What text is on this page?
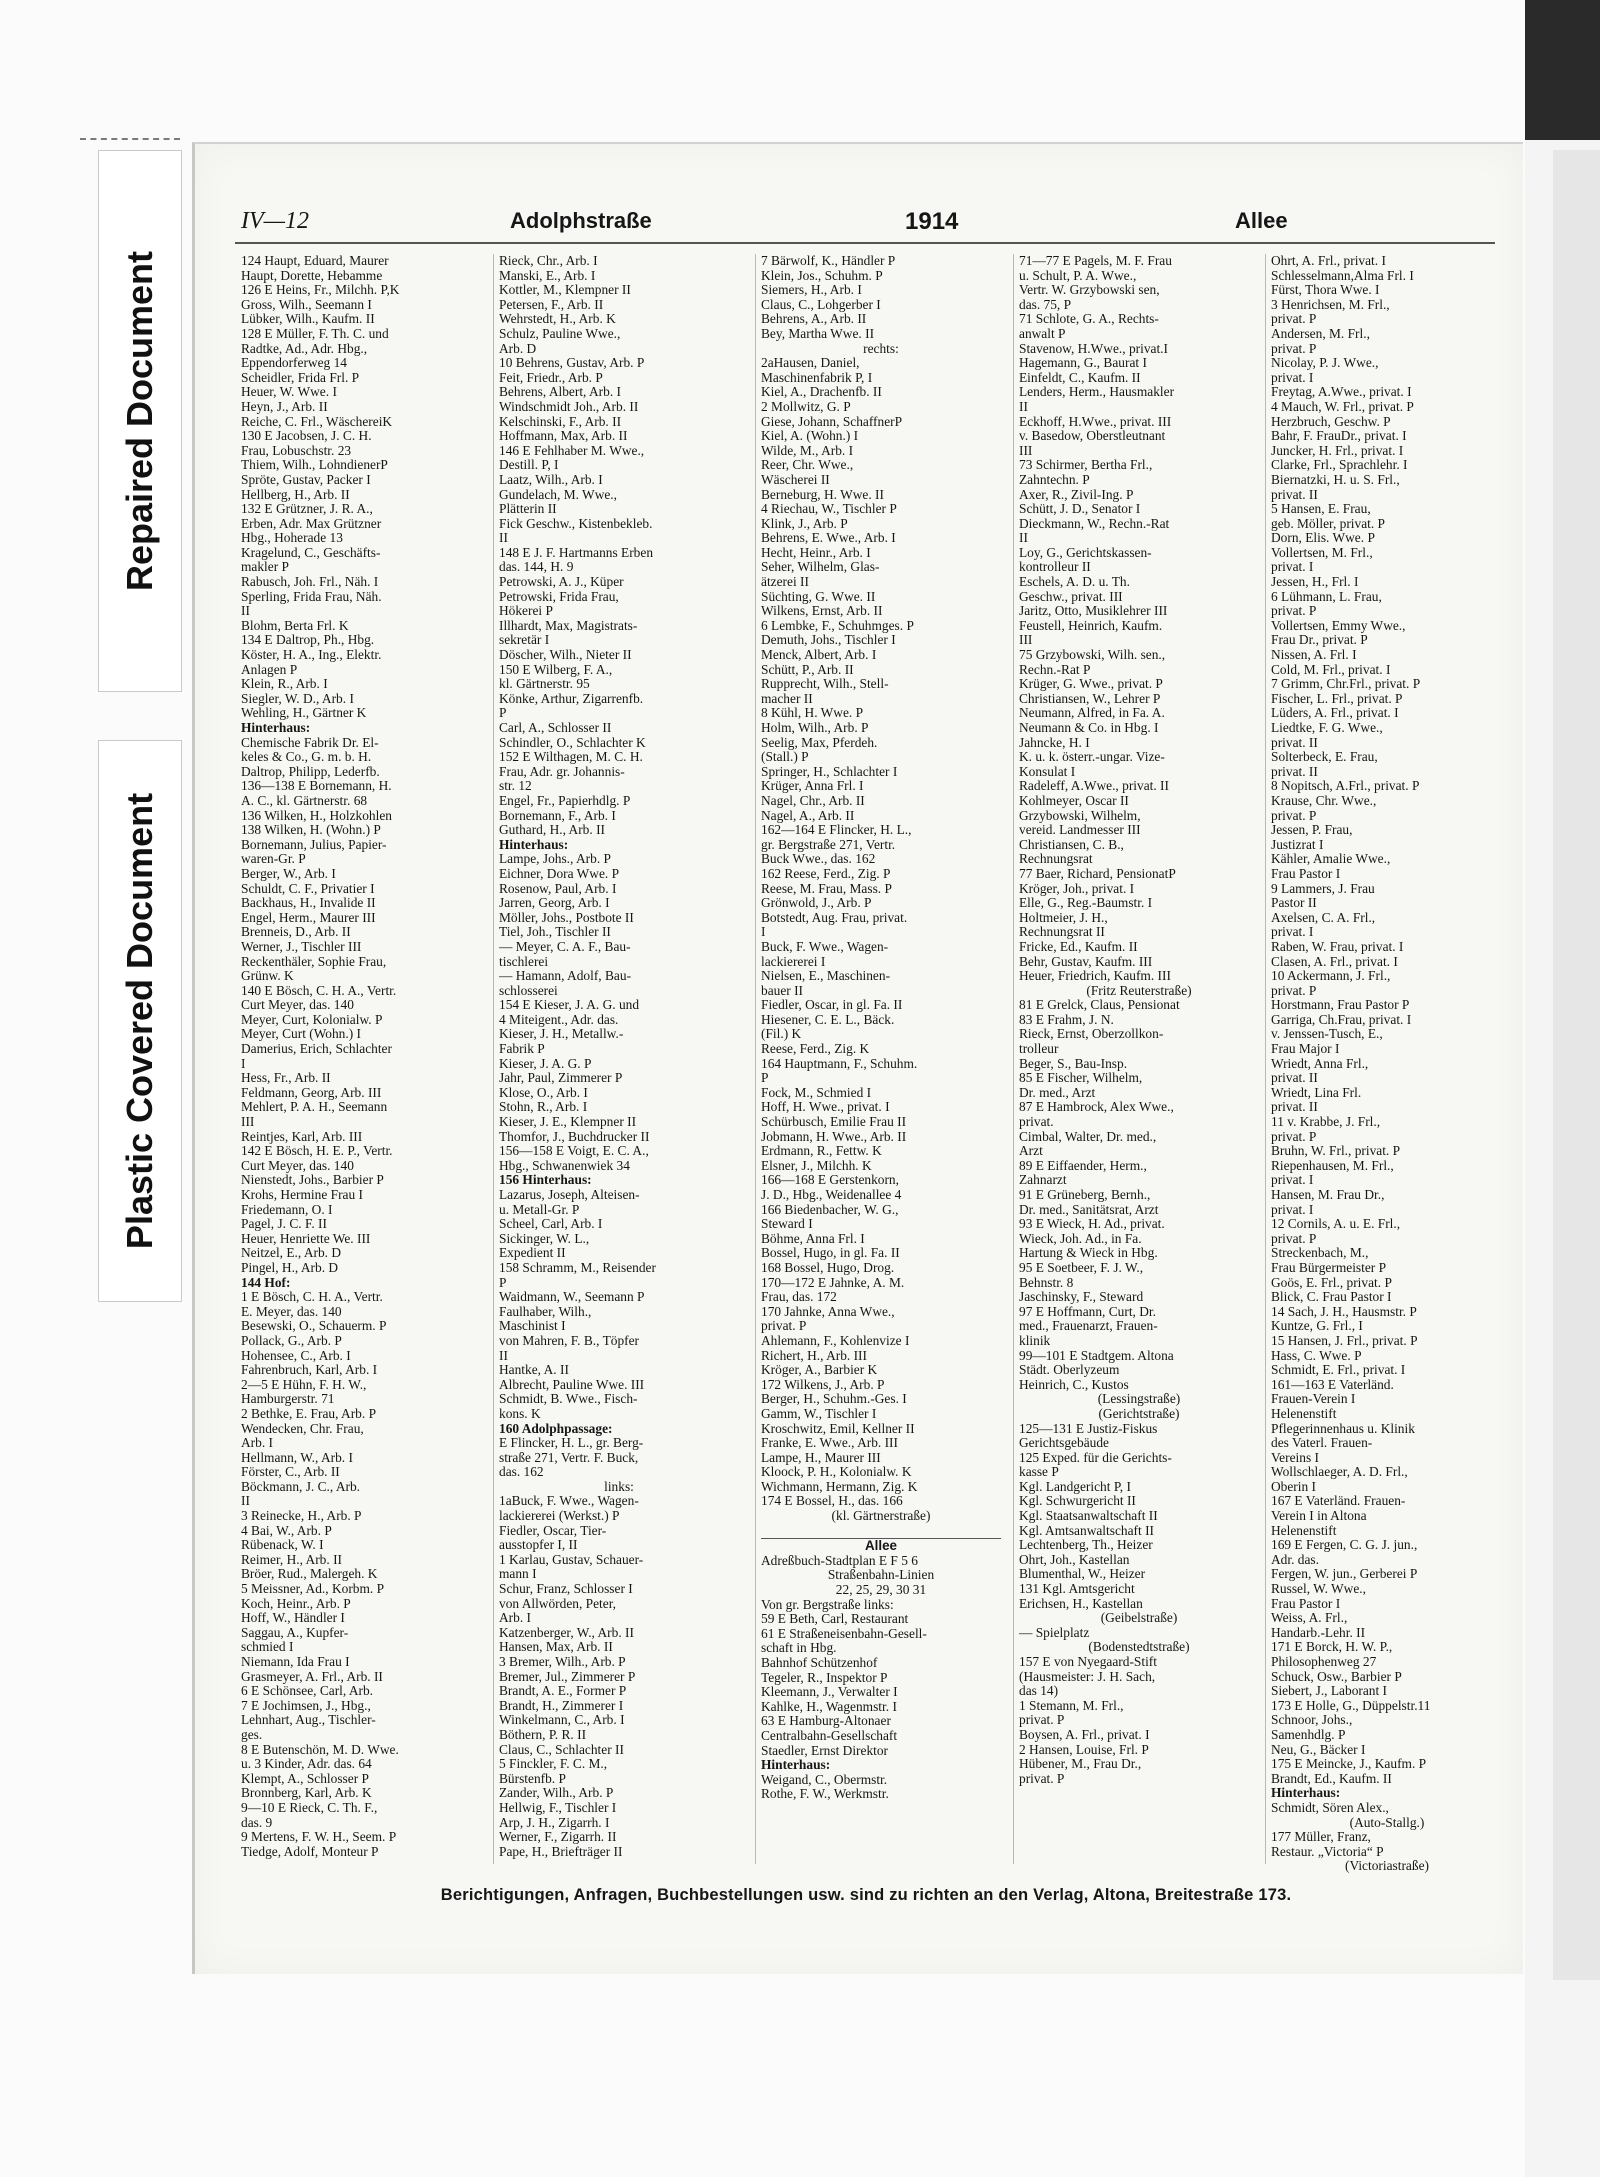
Repaired Document
Plastic Covered Document
IV—12	Adolphstraße	1914	Allee
124 Haupt, Eduard, Maurer
Haupt, Dorette, Hebamme
126 E Heins, Fr., Milchh. P,K
Gross, Wilh., Seemann I
Lübker, Wilh., Kaufm. II
128 E Müller, F. Th. C. und
Radtke, Ad., Adr. Hbg.,
Eppendorferweg 14
Scheidler, Frida Frl. P
Heuer, W. Wwe. I
Heyn, J., Arb. II
Reiche, C. Frl., WäschereiK
130 E Jacobsen, J. C. H.
Frau, Lobuschstr. 23
Thiem, Wilh., LohndienerP
Spröte, Gustav, Packer I
Hellberg, H., Arb. II
132 E Grützner, J. R. A.,
Erben, Adr. Max Grützner
Hbg., Hoherade 13
Kragelund, C., Geschäfts-
makler P
Rabusch, Joh. Frl., Näh. I
Sperling, Frida Frau, Näh.
II
Blohm, Berta Frl. K
134 E Daltrop, Ph., Hbg.
Köster, H. A., Ing., Elektr.
Anlagen P
Klein, R., Arb. I
Siegler, W. D., Arb. I
Wehling, H., Gärtner K
Hinterhaus:
Chemische Fabrik Dr. El-
keles & Co., G. m. b. H.
Daltrop, Philipp, Lederfb.
136—138 E Bornemann, H.
A. C., kl. Gärtnerstr. 68
136 Wilken, H., Holzkohlen
138 Wilken, H. (Wohn.) P
Bornemann, Julius, Papier-
waren-Gr. P
Berger, W., Arb. I
Schuldt, C. F., Privatier I
Backhaus, H., Invalide II
Engel, Herm., Maurer III
Brenneis, D., Arb. II
Werner, J., Tischler III
Reckenthäler, Sophie Frau,
Grünw. K
140 E Bösch, C. H. A., Vertr.
Curt Meyer, das. 140
Meyer, Curt, Kolonialw. P
Meyer, Curt (Wohn.) I
Damerius, Erich, Schlachter
I
Hess, Fr., Arb. II
Feldmann, Georg, Arb. III
Mehlert, P. A. H., Seemann
III
Reintjes, Karl, Arb. III
142 E Bösch, H. E. P., Vertr.
Curt Meyer, das. 140
Nienstedt, Johs., Barbier P
Krohs, Hermine Frau I
Friedemann, O. I
Pagel, J. C. F. II
Heuer, Henriette We. III
Neitzel, E., Arb. D
Pingel, H., Arb. D
144 Hof:
1 E Bösch, C. H. A., Vertr.
E. Meyer, das. 140
Besewski, O., Schauerm. P
Pollack, G., Arb. P
Hohensee, C., Arb. I
Fahrenbruch, Karl, Arb. I
2—5 E Hühn, F. H. W.,
Hamburgerstr. 71
2 Bethke, E. Frau, Arb. P
Wendecken, Chr. Frau,
Arb. I
Hellmann, W., Arb. I
Förster, C., Arb. II
Böckmann, J. C., Arb.
II
3 Reinecke, H., Arb. P
4 Bai, W., Arb. P
Rübenack, W. I
Reimer, H., Arb. II
Bröer, Rud., Malergeh. K
5 Meissner, Ad., Korbm. P
Koch, Heinr., Arb. P
Hoff, W., Händler I
Saggau, A., Kupfer-
schmied I
Niemann, Ida Frau I
Grasmeyer, A. Frl., Arb. II
6 E Schönsee, Carl, Arb.
7 E Jochimsen, J., Hbg.,
Lehnhart, Aug., Tischler-
ges.
8 E Butenschön, M. D. Wwe.
u. 3 Kinder, Adr. das. 64
Klempt, A., Schlosser P
Bronnberg, Karl, Arb. K
9—10 E Rieck, C. Th. F.,
das. 9
9 Mertens, F. W. H., Seem. P
Tiedge, Adolf, Monteur P
Rieck, Chr., Arb. I
Manski, E., Arb. I
Kottler, M., Klempner II
Petersen, F., Arb. II
Wehrstedt, H., Arb. K
Schulz, Pauline Wwe.,
Arb. D
10 Behrens, Gustav, Arb. P
Feit, Friedr., Arb. P
Behrens, Albert, Arb. I
Windschmidt Joh., Arb. II
Kelschinski, F., Arb. II
Hoffmann, Max, Arb. II
146 E Fehlhaber M. Wwe.,
Destill. P, I
Laatz, Wilh., Arb. I
Gundelach, M. Wwe.,
Plätterin II
Fick Geschw., Kistenbekleb.
II
148 E J. F. Hartmanns Erben
das. 144, H. 9
Petrowski, A. J., Küper
Petrowski, Frida Frau,
Hökerei P
Illhardt, Max, Magistrats-
sekretär I
Döscher, Wilh., Nieter II
150 E Wilberg, F. A.,
kl. Gärtnerstr. 95
Könke, Arthur, Zigarrenfb.
P
Carl, A., Schlosser II
Schindler, O., Schlachter K
152 E Wilthagen, M. C. H.
Frau, Adr. gr. Johannis-
str. 12
Engel, Fr., Papierhdlg. P
Bornemann, F., Arb. I
Guthard, H., Arb. II
Hinterhaus:
Lampe, Johs., Arb. P
Eichner, Dora Wwe. P
Rosenow, Paul, Arb. I
Jarren, Georg, Arb. I
Möller, Johs., Postbote II
Tiel, Joh., Tischler II
— Meyer, C. A. F., Bau-
tischlerei
— Hamann, Adolf, Bau-
schlosserei
154 E Kieser, J. A. G. und
4 Miteigent., Adr. das.
Kieser, J. H., Metallw.-
Fabrik P
Kieser, J. A. G. P
Jahr, Paul, Zimmerer P
Klose, O., Arb. I
Stohn, R., Arb. I
Kieser, J. E., Klempner II
Thomfor, J., Buchdrucker II
156—158 E Voigt, E. C. A.,
Hbg., Schwanenwiek 34
156 Hinterhaus:
Lazarus, Joseph, Alteisen-
u. Metall-Gr. P
Scheel, Carl, Arb. I
Sickinger, W. L.,
Expedient II
158 Schramm, M., Reisender
P
Waidmann, W., Seemann P
Faulhaber, Wilh.,
Maschinist I
von Mahren, F. B., Töpfer
II
Hantke, A. II
Albrecht, Pauline Wwe. III
Schmidt, B. Wwe., Fisch-
kons. K
160 Adolphpassage:
E Flincker, H. L., gr. Berg-
straße 271, Vertr. F. Buck,
das. 162
links:
1aBuck, F. Wwe., Wagen-
lackiererei (Werkst.) P
Fiedler, Oscar, Tier-
ausstopfer I, II
1 Karlau, Gustav, Schauer-
mann I
Schur, Franz, Schlosser I
von Allwörden, Peter,
Arb. I
Katzenberger, W., Arb. II
Hansen, Max, Arb. II
3 Bremer, Wilh., Arb. P
Bremer, Jul., Zimmerer P
Brandt, A. E., Former P
Brandt, H., Zimmerer I
Winkelmann, C., Arb. I
Böthern, P. R. II
Claus, C., Schlachter II
5 Finckler, F. C. M.,
Bürstenfb. P
Zander, Wilh., Arb. P
Hellwig, F., Tischler I
Arp, J. H., Zigarrh. I
Werner, F., Zigarrh. II
Pape, H., Briefträger II
7 Bärwolf, K., Händler P
Klein, Jos., Schuhm. P
Siemers, H., Arb. I
Claus, C., Lohgerber I
Behrens, A., Arb. II
Bey, Martha Wwe. II
rechts:
2aHausen, Daniel,
Maschinenfabrik P, I
Kiel, A., Drachenfb. II
2 Mollwitz, G. P
Giese, Johann, SchaffnerP
Kiel, A. (Wohn.) I
Wilde, M., Arb. I
Reer, Chr. Wwe.,
Wäscherei II
Berneburg, H. Wwe. II
4 Riechau, W., Tischler P
Klink, J., Arb. P
Behrens, E. Wwe., Arb. I
Hecht, Heinr., Arb. I
Seher, Wilhelm, Glas-
ätzerei II
Süchting, G. Wwe. II
Wilkens, Ernst, Arb. II
6 Lembke, F., Schuhmges. P
Demuth, Johs., Tischler I
Menck, Albert, Arb. I
Schütt, P., Arb. II
Rupprecht, Wilh., Stell-
macher II
8 Kühl, H. Wwe. P
Holm, Wilh., Arb. P
Seelig, Max, Pferdeh.
(Stall.) P
Springer, H., Schlachter I
Krüger, Anna Frl. I
Nagel, Chr., Arb. II
Nagel, A., Arb. II
162—164 E Flincker, H. L.,
gr. Bergstraße 271, Vertr.
Buck Wwe., das. 162
162 Reese, Ferd., Zig. P
Reese, M. Frau, Mass. P
Grönwold, J., Arb. P
Botstedt, Aug. Frau, privat.
I
Buck, F. Wwe., Wagen-
lackiererei I
Nielsen, E., Maschinen-
bauer II
Fiedler, Oscar, in gl. Fa. II
Hiesener, C. E. L., Bäck.
(Fil.) K
Reese, Ferd., Zig. K
164 Hauptmann, F., Schuhm.
P
Fock, M., Schmied I
Hoff, H. Wwe., privat. I
Schürbusch, Emilie Frau II
Jobmann, H. Wwe., Arb. II
Erdmann, R., Fettw. K
Elsner, J., Milchh. K
166—168 E Gerstenkorn,
J. D., Hbg., Weidenallee 4
166 Biedenbacher, W. G.,
Steward I
Böhme, Anna Frl. I
Bossel, Hugo, in gl. Fa. II
168 Bossel, Hugo, Drog.
170—172 E Jahnke, A. M.
Frau, das. 172
170 Jahnke, Anna Wwe.,
privat. P
Ahlemann, F., Kohlenvize I
Richert, H., Arb. III
Kröger, A., Barbier K
172 Wilkens, J., Arb. P
Berger, H., Schuhm.-Ges. I
Gamm, W., Tischler I
Kroschwitz, Emil, Kellner II
Franke, E. Wwe., Arb. III
Lampe, H., Maurer III
Kloock, P. H., Kolonialw. K
Wichmann, Hermann, Zig. K
174 E Bossel, H., das. 166
(kl. Gärtnerstraße)
Allee
Adreßbuch-Stadtplan E F 5 6
Straßenbahn-Linien
22, 25, 29, 30 31
Von gr. Bergstraße links:
59 E Beth, Carl, Restaurant
61 E Straßeneisenbahn-Gesell-
schaft in Hbg.
Bahnhof Schützenhof
Tegeler, R., Inspektor P
Kleemann, J., Verwalter I
Kahlke, H., Wagenmstr. I
63 E Hamburg-Altonaer
Centralbahn-Gesellschaft
Staedler, Ernst Direktor
Hinterhaus:
Weigand, C., Obermstr.
Rothe, F. W., Werkmstr.
71—77 E Pagels, M. F. Frau
u. Schult, P. A. Wwe.,
Vertr. W. Grzybowski sen,
das. 75, P
71 Schlote, G. A., Rechts-
anwalt P
Stavenow, H.Wwe., privat.I
Hagemann, G., Baurat I
Einfeldt, C., Kaufm. II
Lenders, Herm., Hausmakler
II
Eckhoff, H.Wwe., privat. III
v. Basedow, Oberstleutnant
III
73 Schirmer, Bertha Frl.,
Zahntechn. P
Axer, R., Zivil-Ing. P
Schütt, J. D., Senator I
Dieckmann, W., Rechn.-Rat
II
Loy, G., Gerichtskassen-
kontrolleur II
Eschels, A. D. u. Th.
Geschw., privat. III
Jaritz, Otto, Musiklehrer III
Feustell, Heinrich, Kaufm.
III
75 Grzybowski, Wilh. sen.,
Rechn.-Rat P
Krüger, G. Wwe., privat. P
Christiansen, W., Lehrer P
Neumann, Alfred, in Fa. A.
Neumann & Co. in Hbg. I
Jahncke, H. I
K. u. k. österr.-ungar. Vize-
Konsulat I
Radeleff, A.Wwe., privat. II
Kohlmeyer, Oscar II
Grzybowski, Wilhelm,
vereid. Landmesser III
Christiansen, C. B.,
Rechnungsrat
77 Baer, Richard, PensionatP
Kröger, Joh., privat. I
Elle, G., Reg.-Baumstr. I
Holtmeier, J. H.,
Rechnungsrat II
Fricke, Ed., Kaufm. II
Behr, Gustav, Kaufm. III
Heuer, Friedrich, Kaufm. III
(Fritz Reuterstraße)
81 E Grelck, Claus, Pensionat
83 E Frahm, J. N.
Rieck, Ernst, Oberzollkon-
trolleur
Beger, S., Bau-Insp.
85 E Fischer, Wilhelm,
Dr. med., Arzt
87 E Hambrock, Alex Wwe.,
privat.
Cimbal, Walter, Dr. med.,
Arzt
89 E Eiffaender, Herm.,
Zahnarzt
91 E Grüneberg, Bernh.,
Dr. med., Sanitätsrat, Arzt
93 E Wieck, H. Ad., privat.
Wieck, Joh. Ad., in Fa.
Hartung & Wieck in Hbg.
95 E Soetbeer, F. J. W.,
Behnstr. 8
Jaschinsky, F., Steward
97 E Hoffmann, Curt, Dr.
med., Frauenarzt, Frauen-
klinik
99—101 E Stadtgem. Altona
Städt. Oberlyzeum
Heinrich, C., Kustos
(Lessingstraße)
(Gerichtstraße)
125—131 E Justiz-Fiskus
Gerichtsgebäude
125 Exped. für die Gerichts-
kasse P
Kgl. Landgericht P, I
Kgl. Schwurgericht II
Kgl. Staatsanwaltschaft II
Kgl. Amtsanwaltschaft II
Lechtenberg, Th., Heizer
Ohrt, Joh., Kastellan
Blumenthal, W., Heizer
131 Kgl. Amtsgericht
Erichsen, H., Kastellan
(Geibelstraße)
— Spielplatz
(Bodenstedtstraße)
157 E von Nyegaard-Stift
(Hausmeister: J. H. Sach,
das 14)
1 Stemann, M. Frl.,
privat. P
Boysen, A. Frl., privat. I
2 Hansen, Louise, Frl. P
Hübener, M., Frau Dr.,
privat. P
Ohrt, A. Frl., privat. I
Schlesselmann,Alma Frl. I
Fürst, Thora Wwe. I
3 Henrichsen, M. Frl.,
privat. P
Andersen, M. Frl.,
privat. P
Nicolay, P. J. Wwe.,
privat. I
Freytag, A.Wwe., privat. I
4 Mauch, W. Frl., privat. P
Herzbruch, Geschw. P
Bahr, F. FrauDr., privat. I
Juncker, H. Frl., privat. I
Clarke, Frl., Sprachlehr. I
Biernatzki, H. u. S. Frl.,
privat. II
5 Hansen, E. Frau,
geb. Möller, privat. P
Dorn, Elis. Wwe. P
Vollertsen, M. Frl.,
privat. I
Jessen, H., Frl. I
6 Lühmann, L. Frau,
privat. P
Vollertsen, Emmy Wwe.,
Frau Dr., privat. P
Nissen, A. Frl. I
Cold, M. Frl., privat. I
7 Grimm, Chr.Frl., privat. P
Fischer, L. Frl., privat. P
Lüders, A. Frl., privat. I
Liedtke, F. G. Wwe.,
privat. II
Solterbeck, E. Frau,
privat. II
8 Nopitsch, A.Frl., privat. P
Krause, Chr. Wwe.,
privat. P
Jessen, P. Frau,
Justizrat I
Kähler, Amalie Wwe.,
Frau Pastor I
9 Lammers, J. Frau
Pastor II
Axelsen, C. A. Frl.,
privat. I
Raben, W. Frau, privat. I
Clasen, A. Frl., privat. I
10 Ackermann, J. Frl.,
privat. P
Horstmann, Frau Pastor P
Garriga, Ch.Frau, privat. I
v. Jenssen-Tusch, E.,
Frau Major I
Wriedt, Anna Frl.,
privat. II
Wriedt, Lina Frl.
privat. II
11 v. Krabbe, J. Frl.,
privat. P
Bruhn, W. Frl., privat. P
Riepenhausen, M. Frl.,
privat. I
Hansen, M. Frau Dr.,
privat. I
12 Cornils, A. u. E. Frl.,
privat. P
Streckenbach, M.,
Frau Bürgermeister P
Goös, E. Frl., privat. P
Blick, C. Frau Pastor I
14 Sach, J. H., Hausmstr. P
Kuntze, G. Frl., I
15 Hansen, J. Frl., privat. P
Hass, C. Wwe. P
Schmidt, E. Frl., privat. I
161—163 E Vaterländ.
Frauen-Verein I
Helenenstift
Pflegerinnenhaus u. Klinik
des Vaterl. Frauen-
Vereins I
Wollschlaeger, A. D. Frl.,
Oberin I
167 E Vaterländ. Frauen-
Verein I in Altona
Helenenstift
169 E Fergen, C. G. J. jun.,
Adr. das.
Fergen, W. jun., Gerberei P
Russel, W. Wwe.,
Frau Pastor I
Weiss, A. Frl.,
Handarb.-Lehr. II
171 E Borck, H. W. P.,
Philosophenweg 27
Schuck, Osw., Barbier P
Siebert, J., Laborant I
173 E Holle, G., Düppelstr.11
Schnoor, Johs.,
Samenhdlg. P
Neu, G., Bäcker I
175 E Meincke, J., Kaufm. P
Brandt, Ed., Kaufm. II
Hinterhaus:
Schmidt, Sören Alex.,
(Auto-Stallg.)
177 Müller, Franz,
Restaur. „Victoria“ P
(Victoriastraße)
Berichtigungen, Anfragen, Buchbestellungen usw. sind zu richten an den Verlag, Altona, Breitestraße 173.
